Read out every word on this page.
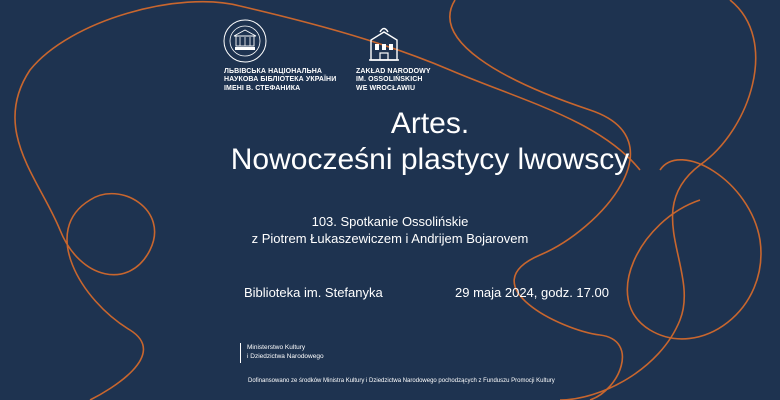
ЛЬВІВСЬКА НАЦІОНАЛЬНА
НАУКОВА БІБЛІОТЕКА УКРАЇНИ
ІМЕНІ В. СТЕФАНИКА
ZAKŁAD NARODOWY
IM. OSSOLIŃSKICH
WE WROCŁAWIU
Artes.
Nowocześni plastycy lwowscy
103. Spotkanie Ossolińskie
z Piotrem Łukaszewiczem i Andrijem Bojarovem
Biblioteka im. Stefanyka	29 maja 2024, godz. 17.00
Ministerstwo Kultury
i Dziedzictwa Narodowego
Dofinansowano ze środków Ministra Kultury i Dziedzictwa Narodowego pochodzących z Funduszu Promocji Kultury
